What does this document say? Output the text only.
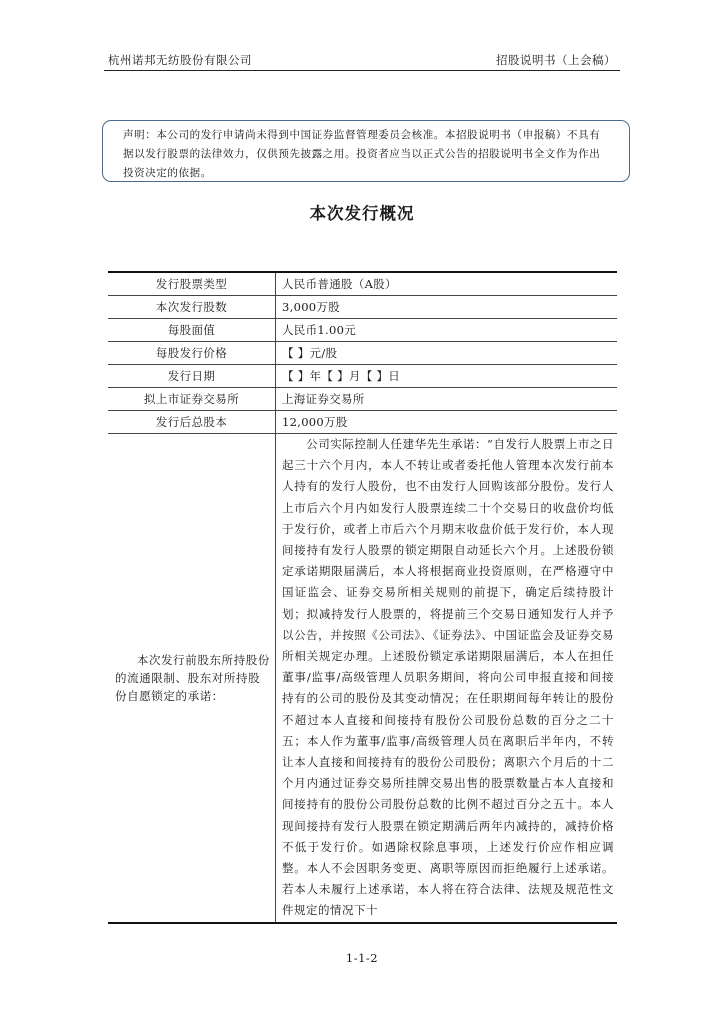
杭州诺邦无纺股份有限公司	招股说明书（上会稿）
声明：本公司的发行申请尚未得到中国证券监督管理委员会核准。本招股说明书（申报稿）不具有据以发行股票的法律效力，仅供预先披露之用。投资者应当以正式公告的招股说明书全文作为作出投资决定的依据。
本次发行概况
发行股票类型	人民币普通股（A股）
本次发行股数	3,000万股
每股面值	人民币1.00元
每股发行价格	【 】元/股
发行日期	【 】年【 】月【 】日
拟上市证券交易所	上海证券交易所
发行后总股本	12,000万股
本次发行前股东所持股份的流通限制、股东对所持股份自愿锁定的承诺：	公司实际控制人任建华先生承诺：“自发行人股票上市之日起三十六个月内，本人不转让或者委托他人管理本次发行前本人持有的发行人股份，也不由发行人回购该部分股份。发行人上市后六个月内如发行人股票连续二十个交易日的收盘价均低于发行价，或者上市后六个月期末收盘价低于发行价，本人现间接持有发行人股票的锁定期限自动延长六个月。上述股份锁定承诺期限届满后，本人将根据商业投资原则，在严格遵守中国证监会、证券交易所相关规则的前提下，确定后续持股计划；拟减持发行人股票的，将提前三个交易日通知发行人并予以公告，并按照《公司法》、《证券法》、中国证监会及证券交易所相关规定办理。上述股份锁定承诺期限届满后，本人在担任董事/监事/高级管理人员职务期间，将向公司申报直接和间接持有的公司的股份及其变动情况；在任职期间每年转让的股份不超过本人直接和间接持有股份公司股份总数的百分之二十五；本人作为董事/监事/高级管理人员在离职后半年内，不转让本人直接和间接持有的股份公司股份；离职六个月后的十二个月内通过证券交易所挂牌交易出售的股票数量占本人直接和间接持有的股份公司股份总数的比例不超过百分之五十。本人现间接持有发行人股票在锁定期满后两年内减持的，减持价格不低于发行价。如遇除权除息事项，上述发行价应作相应调整。本人不会因职务变更、离职等原因而拒绝履行上述承诺。若本人未履行上述承诺，本人将在符合法律、法规及规范性文件规定的情况下十
1-1-2
